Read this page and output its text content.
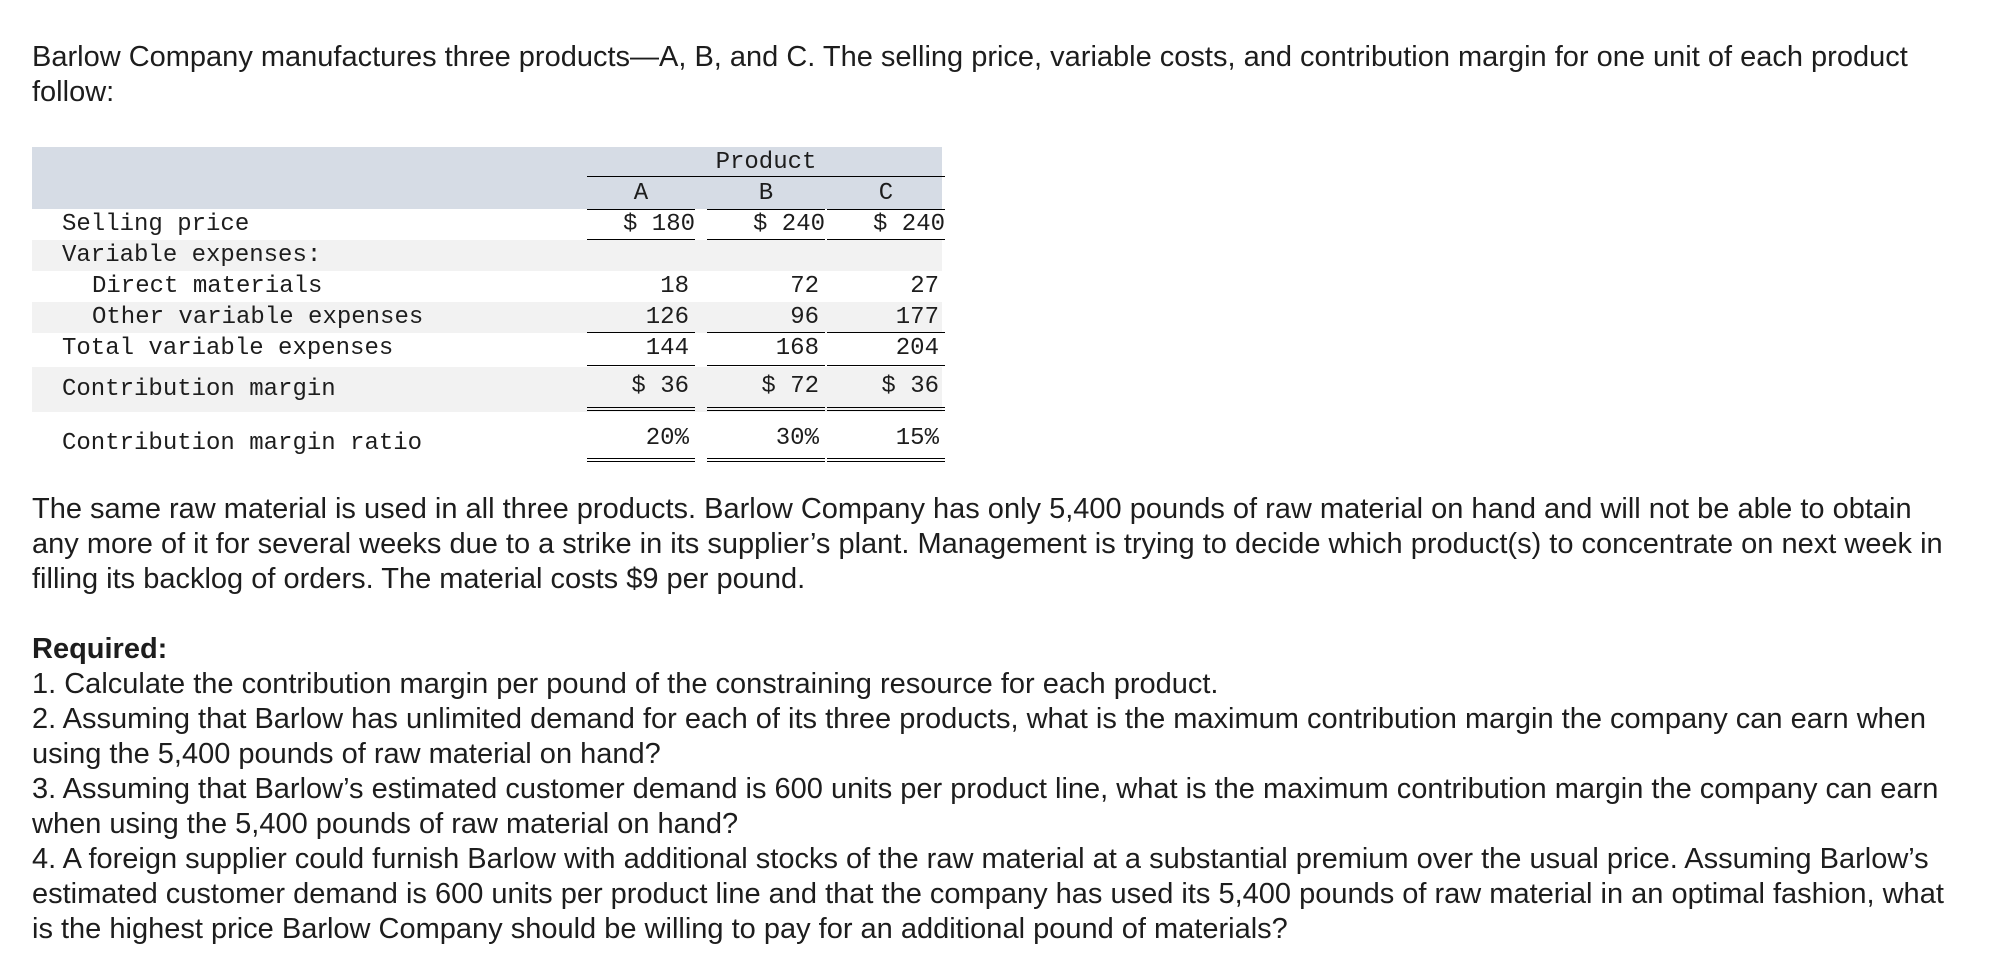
Barlow Company manufactures three products—A, B, and C. The selling price, variable costs, and contribution margin for one unit of each product follow:

Product
A	B	C
Selling price	$ 180	$ 240	$ 240
Variable expenses:
Direct materials	18	72	27
Other variable expenses	126	96	177
Total variable expenses	144	168	204
Contribution margin	$ 36	$ 72	$ 36
Contribution margin ratio	20%	30%	15%

The same raw material is used in all three products. Barlow Company has only 5,400 pounds of raw material on hand and will not be able to obtain any more of it for several weeks due to a strike in its supplier’s plant. Management is trying to decide which product(s) to concentrate on next week in filling its backlog of orders. The material costs $9 per pound.

Required:
1. Calculate the contribution margin per pound of the constraining resource for each product.
2. Assuming that Barlow has unlimited demand for each of its three products, what is the maximum contribution margin the company can earn when using the 5,400 pounds of raw material on hand?
3. Assuming that Barlow’s estimated customer demand is 600 units per product line, what is the maximum contribution margin the company can earn when using the 5,400 pounds of raw material on hand?
4. A foreign supplier could furnish Barlow with additional stocks of the raw material at a substantial premium over the usual price. Assuming Barlow’s estimated customer demand is 600 units per product line and that the company has used its 5,400 pounds of raw material in an optimal fashion, what is the highest price Barlow Company should be willing to pay for an additional pound of materials?
